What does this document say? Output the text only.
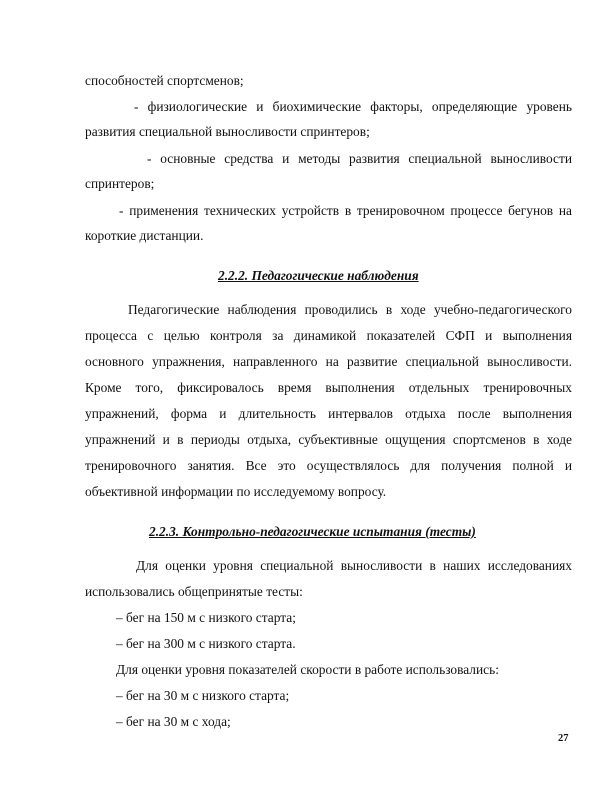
способностей спортсменов;
- физиологические и биохимические факторы, определяющие уровень
развития специальной выносливости спринтеров;
- основные средства и методы развития специальной выносливости
спринтеров;
- применения технических устройств в тренировочном процессе бегунов на
короткие дистанции.
2.2.2. Педагогические наблюдения
Педагогические наблюдения проводились в ходе учебно-педагогического
процесса с целью контроля за динамикой показателей СФП и выполнения
основного упражнения, направленного на развитие специальной выносливости.
Кроме того, фиксировалось время выполнения отдельных тренировочных
упражнений, форма и длительность интервалов отдыха после выполнения
упражнений и в периоды отдыха, субъективные ощущения спортсменов в ходе
тренировочного занятия. Все это осуществлялось для получения полной и
объективной информации по исследуемому вопросу.
2.2.3. Контрольно-педагогические испытания (тесты)
Для оценки уровня специальной выносливости в наших исследованиях
использовались общепринятые тесты:
– бег на 150 м с низкого старта;
– бег на 300 м с низкого старта.
Для оценки уровня показателей скорости в работе использовались:
– бег на 30 м с низкого старта;
– бег на 30 м с хода;
27
